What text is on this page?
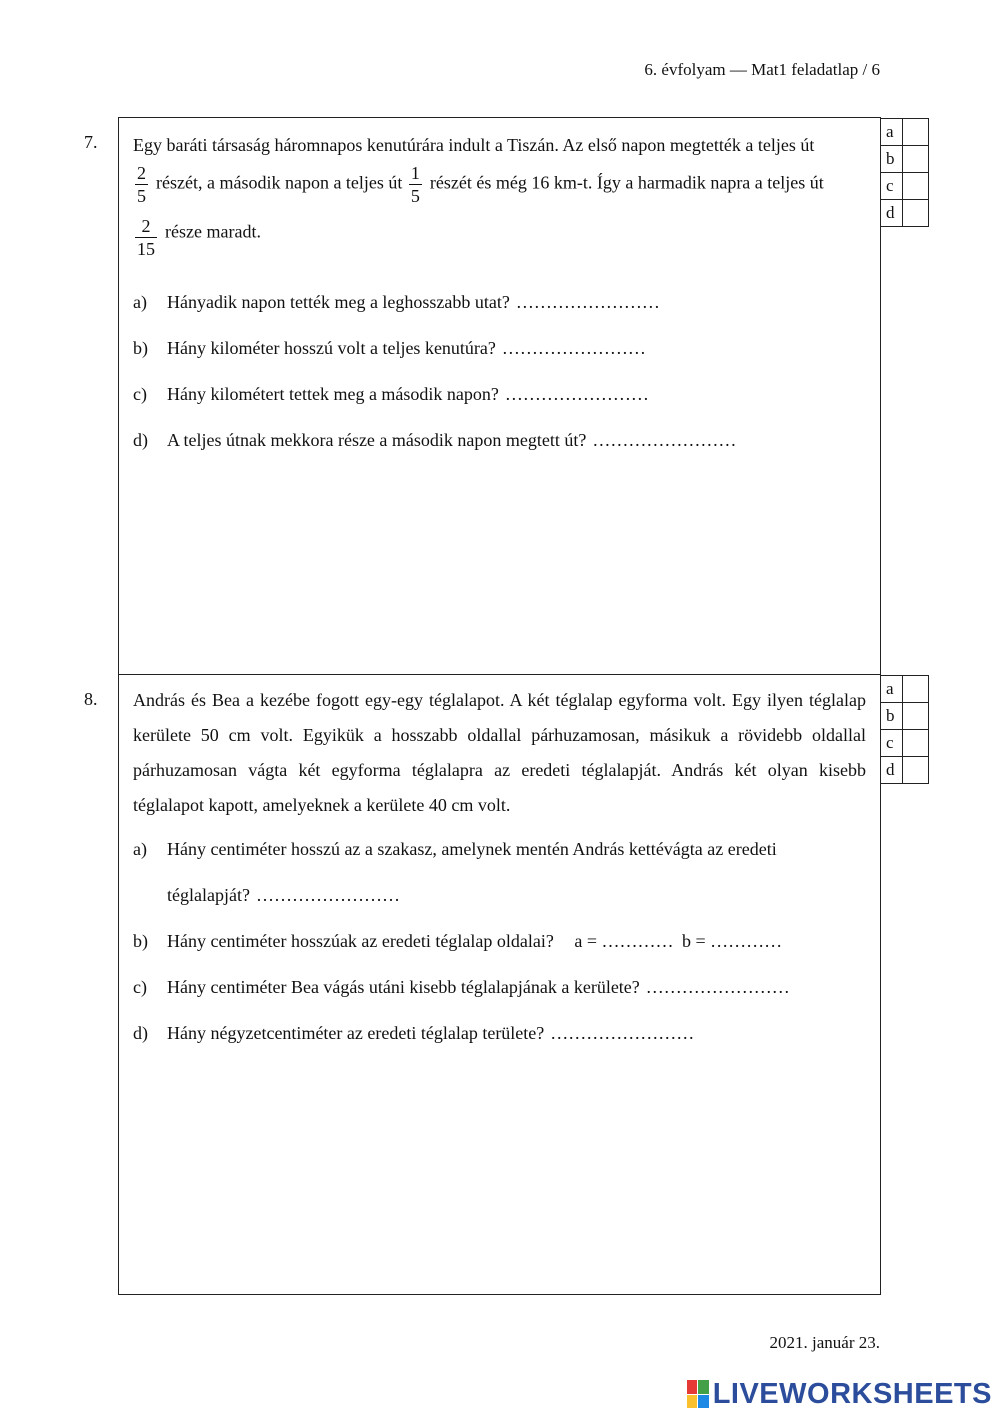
6. évfolyam — Mat1 feladatlap / 6
7. Egy baráti társaság háromnapos kenutúrára indult a Tiszán. Az első napon megtették a teljes út

$\frac{2}{5}$ részét, a második napon a teljes út $\frac{1}{5}$ részét és még 16 km-t. Így a harmadik napra a teljes út

$\frac{2}{15}$ része maradt.

a) Hányadik napon tették meg a leghosszabb utat? ……………………
b) Hány kilométer hosszú volt a teljes kenutúra? ……………………
c) Hány kilométert tettek meg a második napon? ……………………
d) A teljes útnak mekkora része a második napon megtett út? ……………………
a	
b	
c	
d	
8. András és Bea a kezébe fogott egy-egy téglalapot. A két téglalap egyforma volt. Egy ilyen téglalap kerülete 50 cm volt. Egyikük a hosszabb oldallal párhuzamosan, másikuk a rövidebb oldallal párhuzamosan vágta két egyforma téglalapra az eredeti téglalapját. András két olyan kisebb téglalapot kapott, amelyeknek a kerülete 40 cm volt.

a) Hány centiméter hosszú az a szakasz, amelynek mentén András kettévágta az eredeti
téglalapját? ……………………
b) Hány centiméter hosszúak az eredeti téglalap oldalai? a = ………… b = …………
c) Hány centiméter Bea vágás utáni kisebb téglalapjának a kerülete? ……………………
d) Hány négyzetcentiméter az eredeti téglalap területe? ……………………
a	
b	
c	
d	
2021. január 23.
LIVEWORKSHEETS
